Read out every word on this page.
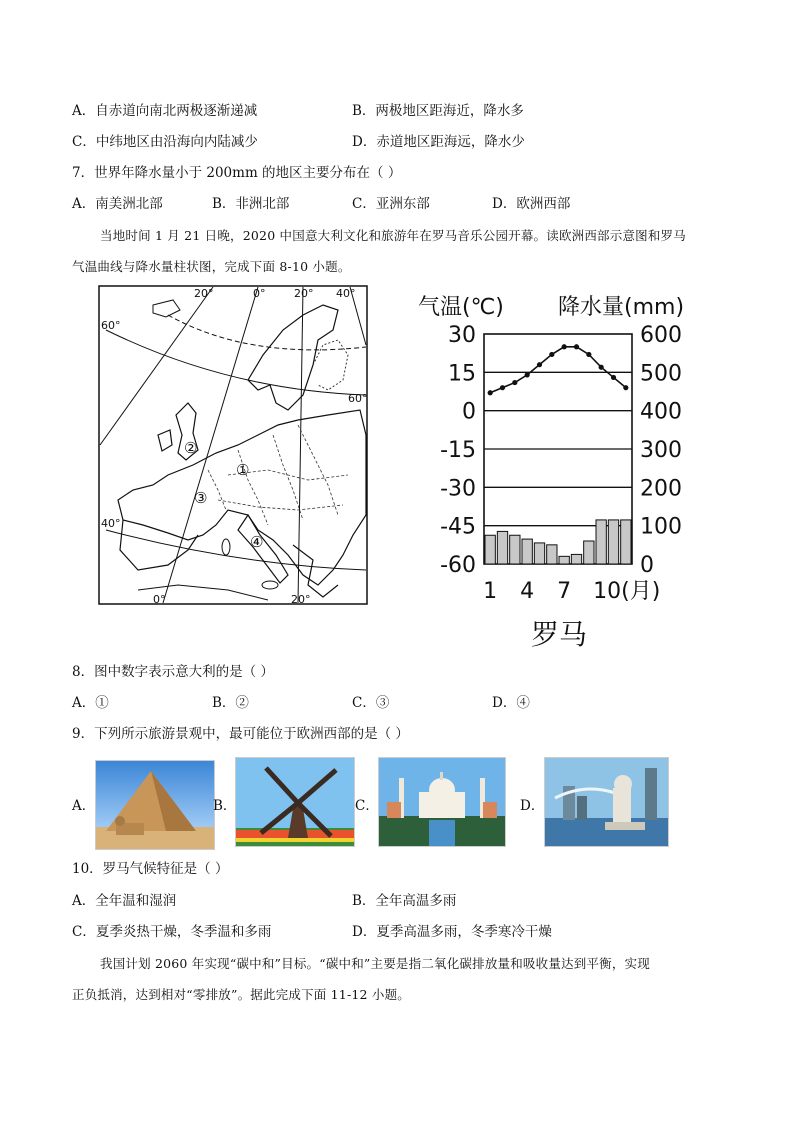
A．自赤道向南北两极逐渐递减	B．两极地区距海近，降水多
C．中纬地区由沿海向内陆减少	D．赤道地区距海远，降水少
7．世界年降水量小于 200mm 的地区主要分布在（ ）
A．南美洲北部	B．非洲北部	C．亚洲东部	D．欧洲西部
当地时间 1 月 21 日晚，2020 中国意大利文化和旅游年在罗马音乐公园开幕。读欧洲西部示意图和罗马
气温曲线与降水量柱状图，完成下面 8-10 小题。
20°	0°	20° 40°
0°	20°
60°
60°
40°
①
②
③
④
气温(℃) 降水量(mm)
30
15
0
-15
-30
-45
-60
600
500
400
300
200
100
0
1 4 7 10(月)
罗马
8．图中数字表示意大利的是（ ）
A．①	B．②	C．③	D．④
9．下列所示旅游景观中，最可能位于欧洲西部的是（ ）
A．	B．	C．	D．
10．罗马气候特征是（ ）
A．全年温和湿润	B．全年高温多雨
C．夏季炎热干燥，冬季温和多雨	D．夏季高温多雨，冬季寒冷干燥
我国计划 2060 年实现“碳中和”目标。“碳中和”主要是指二氧化碳排放量和吸收量达到平衡，实现
正负抵消，达到相对“零排放”。据此完成下面 11-12 小题。
